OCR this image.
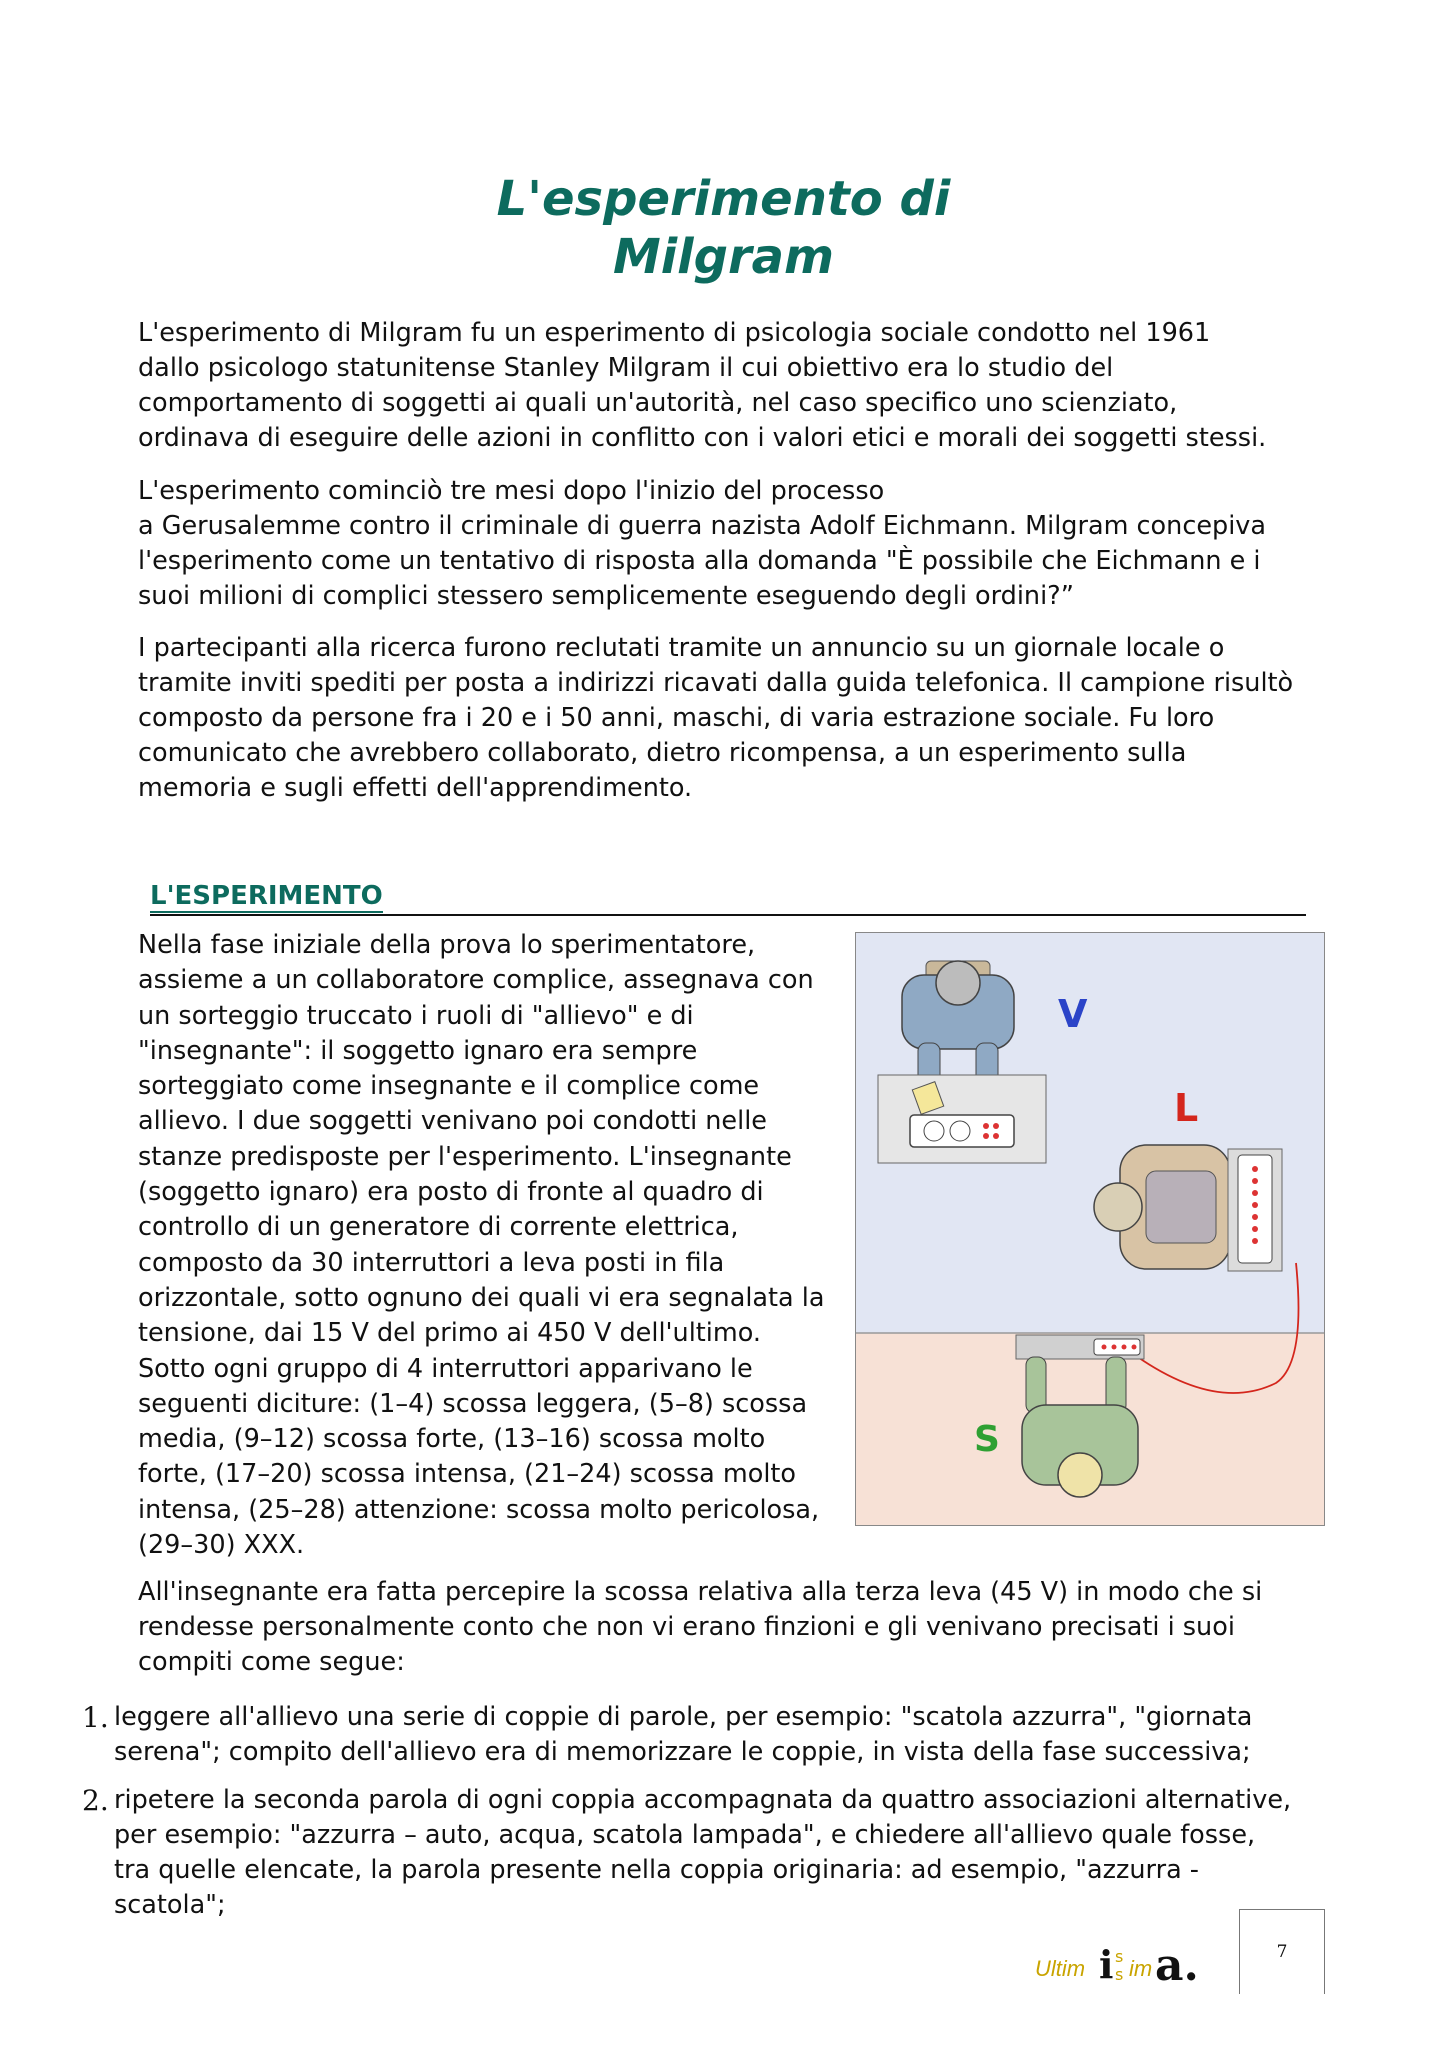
L'esperimento di
Milgram

L'esperimento di Milgram fu un esperimento di psicologia sociale condotto nel 1961
dallo psicologo statunitense Stanley Milgram il cui obiettivo era lo studio del
comportamento di soggetti ai quali un'autorità, nel caso specifico uno scienziato,
ordinava di eseguire delle azioni in conflitto con i valori etici e morali dei soggetti stessi.

L'esperimento cominciò tre mesi dopo l'inizio del processo
a Gerusalemme contro il criminale di guerra nazista Adolf Eichmann. Milgram concepiva
l'esperimento come un tentativo di risposta alla domanda "È possibile che Eichmann e i
suoi milioni di complici stessero semplicemente eseguendo degli ordini?”

I partecipanti alla ricerca furono reclutati tramite un annuncio su un giornale locale o
tramite inviti spediti per posta a indirizzi ricavati dalla guida telefonica. Il campione risultò
composto da persone fra i 20 e i 50 anni, maschi, di varia estrazione sociale. Fu loro
comunicato che avrebbero collaborato, dietro ricompensa, a un esperimento sulla
memoria e sugli effetti dell'apprendimento.

L'ESPERIMENTO
Nella fase iniziale della prova lo sperimentatore,
assieme a un collaboratore complice, assegnava con
un sorteggio truccato i ruoli di "allievo" e di
"insegnante": il soggetto ignaro era sempre
sorteggiato come insegnante e il complice come
allievo. I due soggetti venivano poi condotti nelle
stanze predisposte per l'esperimento. L'insegnante
(soggetto ignaro) era posto di fronte al quadro di
controllo di un generatore di corrente elettrica,
composto da 30 interruttori a leva posti in fila
orizzontale, sotto ognuno dei quali vi era segnalata la
tensione, dai 15 V del primo ai 450 V dell'ultimo.
Sotto ogni gruppo di 4 interruttori apparivano le
seguenti diciture: (1–4) scossa leggera, (5–8) scossa
media, (9–12) scossa forte, (13–16) scossa molto
forte, (17–20) scossa intensa, (21–24) scossa molto
intensa, (25–28) attenzione: scossa molto pericolosa,
(29–30) XXX.
V
L
S

All'insegnante era fatta percepire la scossa relativa alla terza leva (45 V) in modo che si
rendesse personalmente conto che non vi erano finzioni e gli venivano precisati i suoi
compiti come segue:

1. leggere all'allievo una serie di coppie di parole, per esempio: "scatola azzurra", "giornata
serena"; compito dell'allievo era di memorizzare le coppie, in vista della fase successiva;
2. ripetere la seconda parola di ogni coppia accompagnata da quattro associazioni alternative,
per esempio: "azzurra – auto, acqua, scatola lampada", e chiedere all'allievo quale fosse,
tra quelle elencate, la parola presente nella coppia originaria: ad esempio, "azzurra -
scatola";
Ultim i s
s im a.	7
